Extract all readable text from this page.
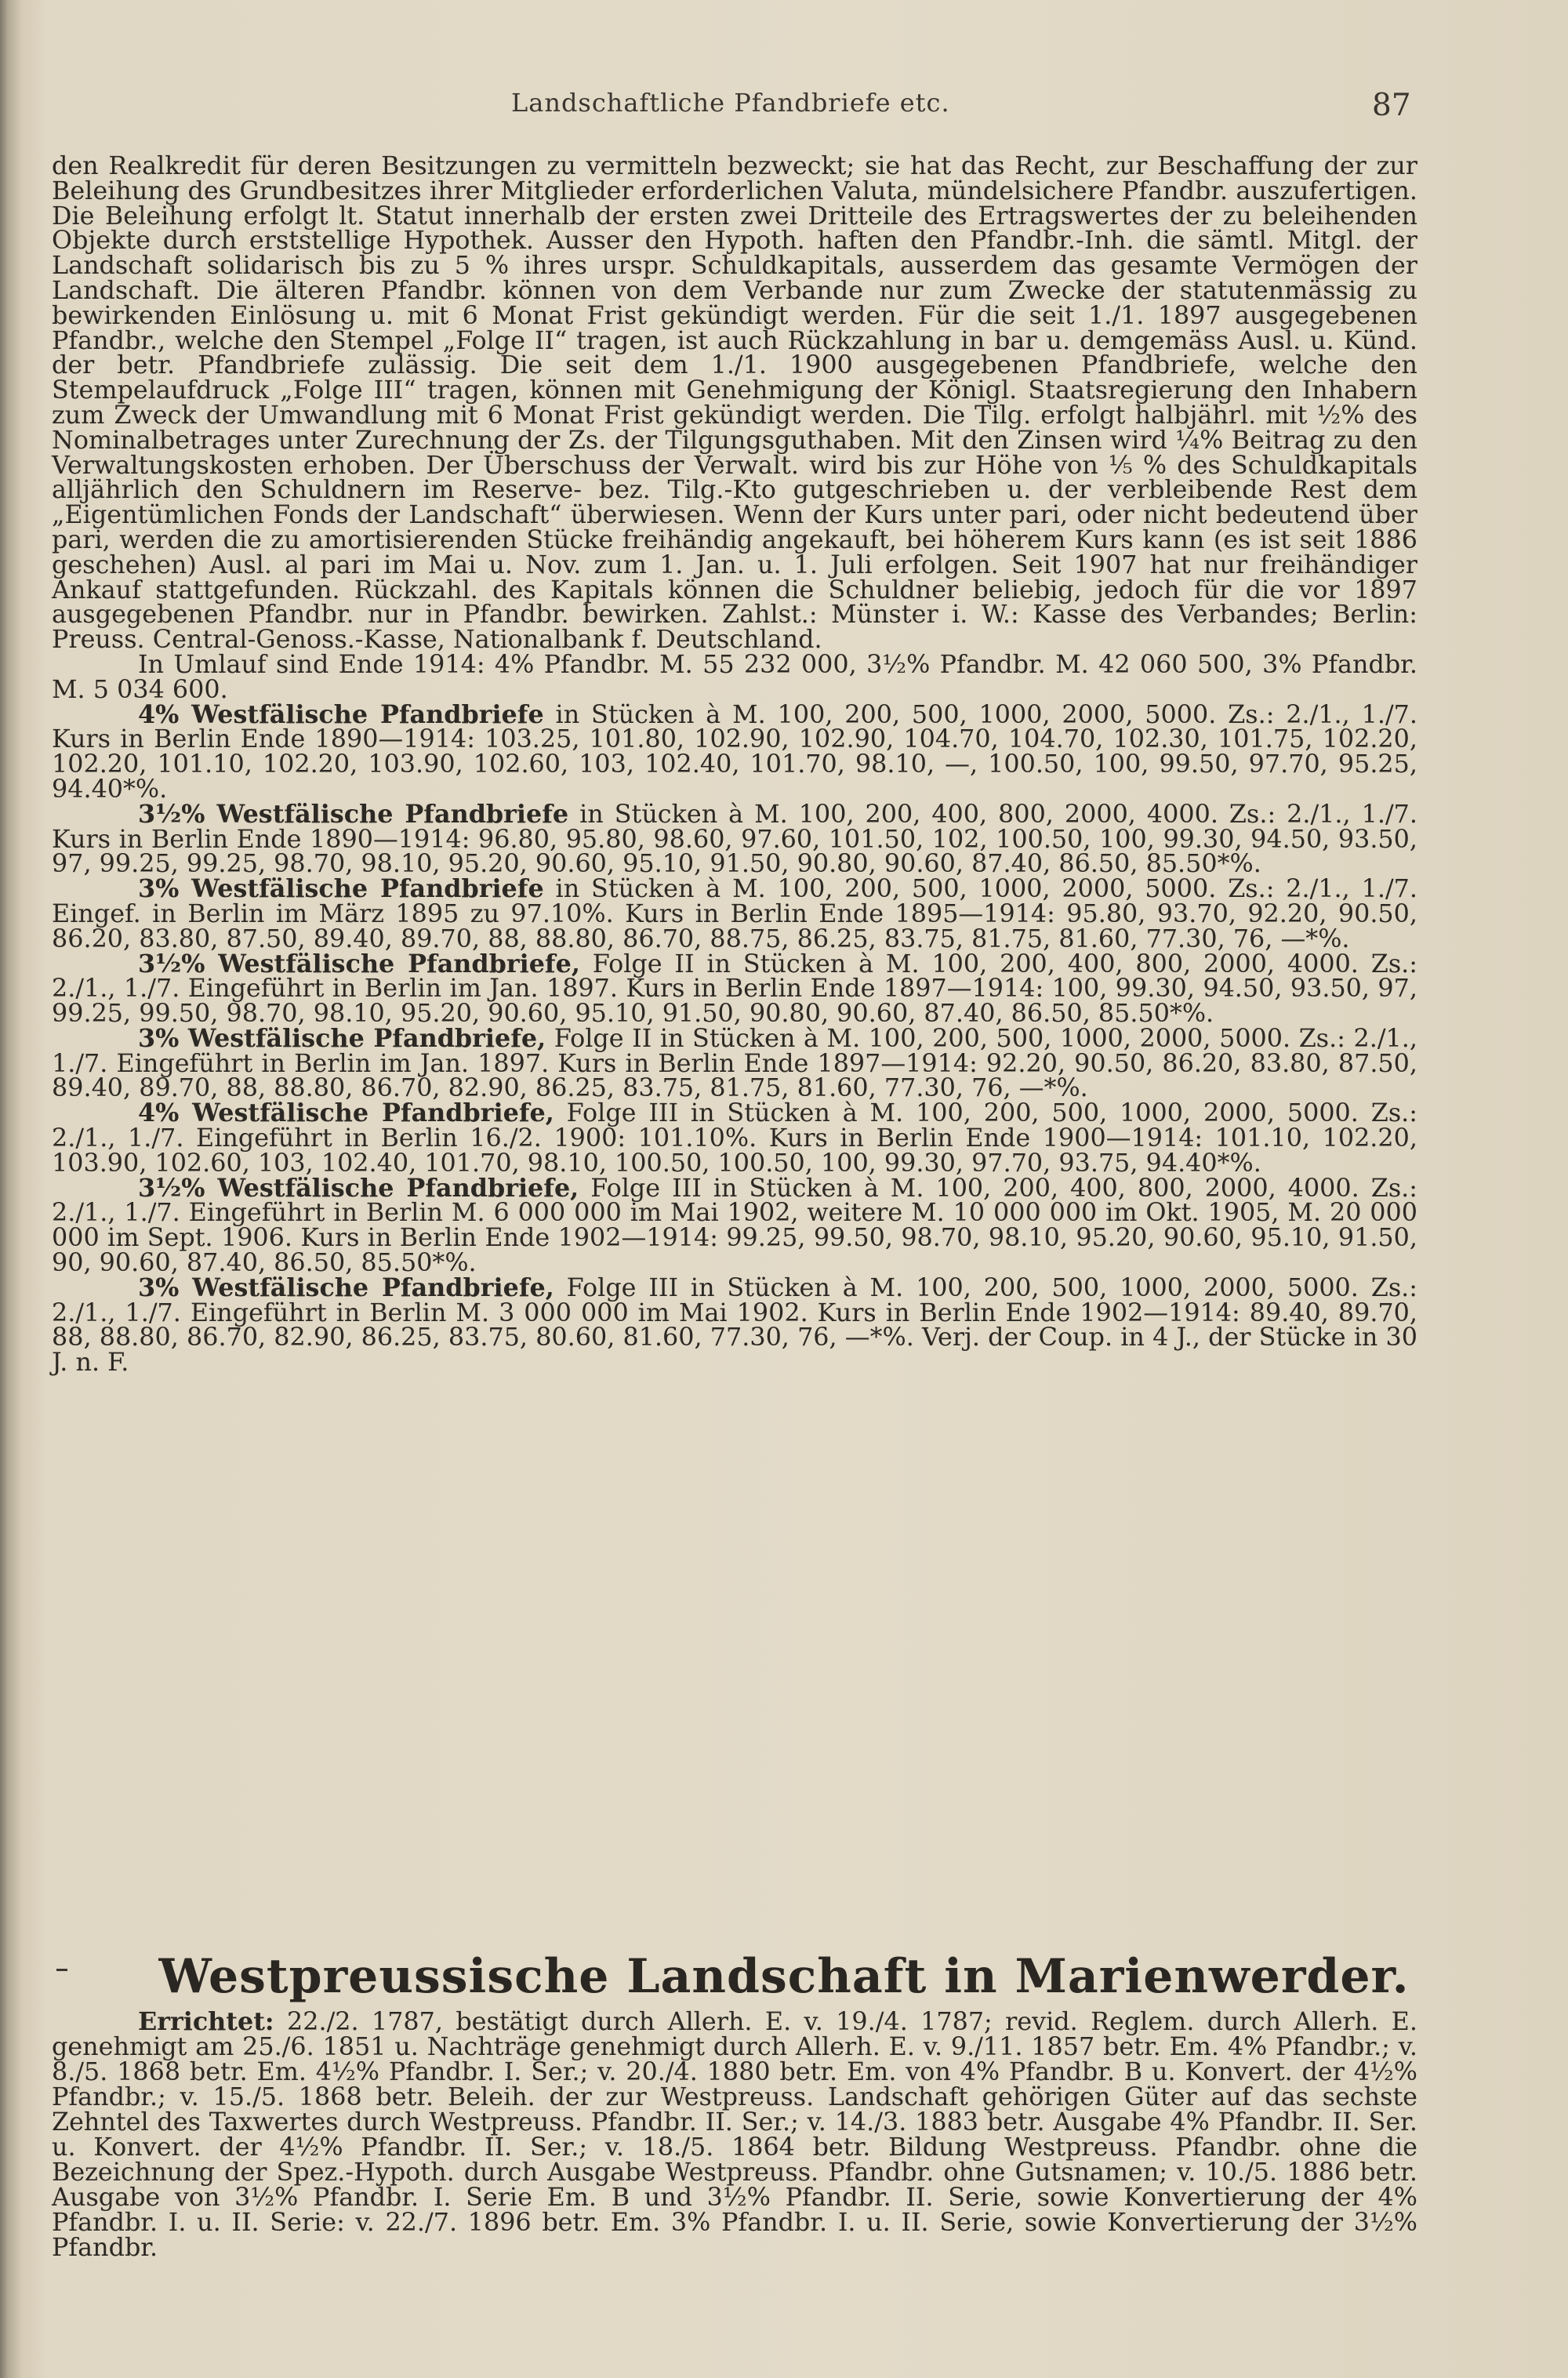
Landschaftliche Pfandbriefe etc.	87

den Realkredit für deren Besitzungen zu vermitteln bezweckt; sie hat das Recht, zur Beschaffung der zur Beleihung des Grundbesitzes ihrer Mitglieder erforderlichen Valuta, mündelsichere Pfandbr. auszufertigen. Die Beleihung erfolgt lt. Statut innerhalb der ersten zwei Dritteile des Ertragswertes der zu beleihenden Objekte durch erststellige Hypothek. Ausser den Hypoth. haften den Pfandbr.-Inh. die sämtl. Mitgl. der Landschaft solidarisch bis zu 5 % ihres urspr. Schuldkapitals, ausserdem das gesamte Vermögen der Landschaft. Die älteren Pfandbr. können von dem Verbande nur zum Zwecke der statutenmässig zu bewirkenden Einlösung u. mit 6 Monat Frist gekündigt werden. Für die seit 1./1. 1897 ausgegebenen Pfandbr., welche den Stempel „Folge II“ tragen, ist auch Rückzahlung in bar u. demgemäss Ausl. u. Künd. der betr. Pfandbriefe zulässig. Die seit dem 1./1. 1900 ausgegebenen Pfandbriefe, welche den Stempelaufdruck „Folge III“ tragen, können mit Genehmigung der Königl. Staatsregierung den Inhabern zum Zweck der Umwandlung mit 6 Monat Frist gekündigt werden. Die Tilg. erfolgt halbjährl. mit ½% des Nominalbetrages unter Zurechnung der Zs. der Tilgungsguthaben. Mit den Zinsen wird ¼% Beitrag zu den Verwaltungskosten erhoben. Der Überschuss der Verwalt. wird bis zur Höhe von ⅕ % des Schuldkapitals alljährlich den Schuldnern im Reserve- bez. Tilg.-Kto gutgeschrieben u. der verbleibende Rest dem „Eigentümlichen Fonds der Landschaft“ überwiesen. Wenn der Kurs unter pari, oder nicht bedeutend über pari, werden die zu amortisierenden Stücke freihändig angekauft, bei höherem Kurs kann (es ist seit 1886 geschehen) Ausl. al pari im Mai u. Nov. zum 1. Jan. u. 1. Juli erfolgen. Seit 1907 hat nur freihändiger Ankauf stattgefunden. Rückzahl. des Kapitals können die Schuldner beliebig, jedoch für die vor 1897 ausgegebenen Pfandbr. nur in Pfandbr. bewirken. Zahlst.: Münster i. W.: Kasse des Verbandes; Berlin: Preuss. Central-Genoss.-Kasse, Nationalbank f. Deutschland.

In Umlauf sind Ende 1914: 4% Pfandbr. M. 55 232 000, 3½% Pfandbr. M. 42 060 500, 3% Pfandbr. M. 5 034 600.

4% Westfälische Pfandbriefe in Stücken à M. 100, 200, 500, 1000, 2000, 5000. Zs.: 2./1., 1./7. Kurs in Berlin Ende 1890—1914: 103.25, 101.80, 102.90, 102.90, 104.70, 104.70, 102.30, 101.75, 102.20, 102.20, 101.10, 102.20, 103.90, 102.60, 103, 102.40, 101.70, 98.10, —, 100.50, 100, 99.50, 97.70, 95.25, 94.40*%.

3½% Westfälische Pfandbriefe in Stücken à M. 100, 200, 400, 800, 2000, 4000. Zs.: 2./1., 1./7. Kurs in Berlin Ende 1890—1914: 96.80, 95.80, 98.60, 97.60, 101.50, 102, 100.50, 100, 99.30, 94.50, 93.50, 97, 99.25, 99.25, 98.70, 98.10, 95.20, 90.60, 95.10, 91.50, 90.80, 90.60, 87.40, 86.50, 85.50*%.

3% Westfälische Pfandbriefe in Stücken à M. 100, 200, 500, 1000, 2000, 5000. Zs.: 2./1., 1./7. Eingef. in Berlin im März 1895 zu 97.10%. Kurs in Berlin Ende 1895—1914: 95.80, 93.70, 92.20, 90.50, 86.20, 83.80, 87.50, 89.40, 89.70, 88, 88.80, 86.70, 88.75, 86.25, 83.75, 81.75, 81.60, 77.30, 76, —*%.

3½% Westfälische Pfandbriefe, Folge II in Stücken à M. 100, 200, 400, 800, 2000, 4000. Zs.: 2./1., 1./7. Eingeführt in Berlin im Jan. 1897. Kurs in Berlin Ende 1897—1914: 100, 99.30, 94.50, 93.50, 97, 99.25, 99.50, 98.70, 98.10, 95.20, 90.60, 95.10, 91.50, 90.80, 90.60, 87.40, 86.50, 85.50*%.

3% Westfälische Pfandbriefe, Folge II in Stücken à M. 100, 200, 500, 1000, 2000, 5000. Zs.: 2./1., 1./7. Eingeführt in Berlin im Jan. 1897. Kurs in Berlin Ende 1897—1914: 92.20, 90.50, 86.20, 83.80, 87.50, 89.40, 89.70, 88, 88.80, 86.70, 82.90, 86.25, 83.75, 81.75, 81.60, 77.30, 76, —*%.

4% Westfälische Pfandbriefe, Folge III in Stücken à M. 100, 200, 500, 1000, 2000, 5000. Zs.: 2./1., 1./7. Eingeführt in Berlin 16./2. 1900: 101.10%. Kurs in Berlin Ende 1900—1914: 101.10, 102.20, 103.90, 102.60, 103, 102.40, 101.70, 98.10, 100.50, 100.50, 100, 99.30, 97.70, 93.75, 94.40*%.

3½% Westfälische Pfandbriefe, Folge III in Stücken à M. 100, 200, 400, 800, 2000, 4000. Zs.: 2./1., 1./7. Eingeführt in Berlin M. 6 000 000 im Mai 1902, weitere M. 10 000 000 im Okt. 1905, M. 20 000 000 im Sept. 1906. Kurs in Berlin Ende 1902—1914: 99.25, 99.50, 98.70, 98.10, 95.20, 90.60, 95.10, 91.50, 90, 90.60, 87.40, 86.50, 85.50*%.

3% Westfälische Pfandbriefe, Folge III in Stücken à M. 100, 200, 500, 1000, 2000, 5000. Zs.: 2./1., 1./7. Eingeführt in Berlin M. 3 000 000 im Mai 1902. Kurs in Berlin Ende 1902—1914: 89.40, 89.70, 88, 88.80, 86.70, 82.90, 86.25, 83.75, 80.60, 81.60, 77.30, 76, —*%. Verj. der Coup. in 4 J., der Stücke in 30 J. n. F.

Westpreussische Landschaft in Marienwerder.

Errichtet: 22./2. 1787, bestätigt durch Allerh. E. v. 19./4. 1787; revid. Reglem. durch Allerh. E. genehmigt am 25./6. 1851 u. Nachträge genehmigt durch Allerh. E. v. 9./11. 1857 betr. Em. 4% Pfandbr.; v. 8./5. 1868 betr. Em. 4½% Pfandbr. I. Ser.; v. 20./4. 1880 betr. Em. von 4% Pfandbr. B u. Konvert. der 4½% Pfandbr.; v. 15./5. 1868 betr. Beleih. der zur Westpreuss. Landschaft gehörigen Güter auf das sechste Zehntel des Taxwertes durch Westpreuss. Pfandbr. II. Ser.; v. 14./3. 1883 betr. Ausgabe 4% Pfandbr. II. Ser. u. Konvert. der 4½% Pfandbr. II. Ser.; v. 18./5. 1864 betr. Bildung Westpreuss. Pfandbr. ohne die Bezeichnung der Spez.-Hypoth. durch Ausgabe Westpreuss. Pfandbr. ohne Gutsnamen; v. 10./5. 1886 betr. Ausgabe von 3½% Pfandbr. I. Serie Em. B und 3½% Pfandbr. II. Serie, sowie Konvertierung der 4% Pfandbr. I. u. II. Serie: v. 22./7. 1896 betr. Em. 3% Pfandbr. I. u. II. Serie, sowie Konvertierung der 3½% Pfandbr.
